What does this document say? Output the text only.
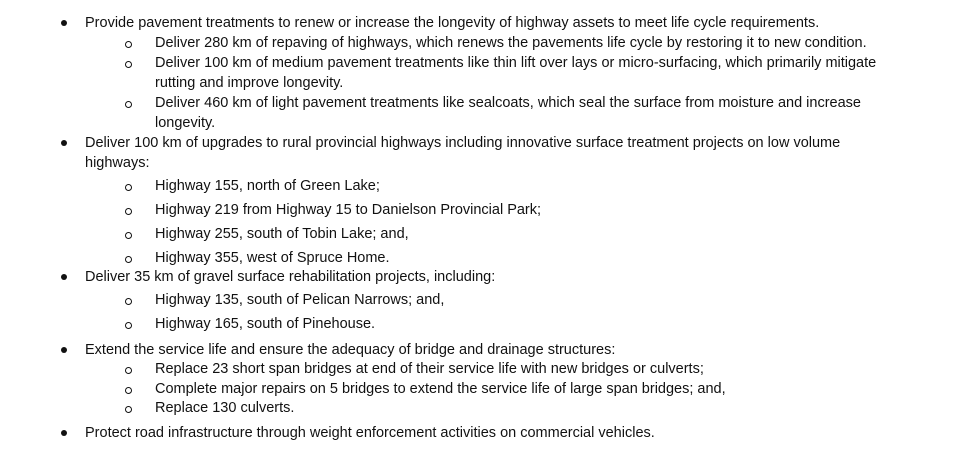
Provide pavement treatments to renew or increase the longevity of highway assets to meet life cycle requirements.
Deliver 280 km of repaving of highways, which renews the pavements life cycle by restoring it to new condition.
Deliver 100 km of medium pavement treatments like thin lift over lays or micro-surfacing, which primarily mitigate
rutting and improve longevity.
Deliver 460 km of light pavement treatments like sealcoats, which seal the surface from moisture and increase
longevity.
Deliver 100 km of upgrades to rural provincial highways including innovative surface treatment projects on low volume
highways:
Highway 155, north of Green Lake;
Highway 219 from Highway 15 to Danielson Provincial Park;
Highway 255, south of Tobin Lake; and,
Highway 355, west of Spruce Home.
Deliver 35 km of gravel surface rehabilitation projects, including:
Highway 135, south of Pelican Narrows; and,
Highway 165, south of Pinehouse.
Extend the service life and ensure the adequacy of bridge and drainage structures:
Replace 23 short span bridges at end of their service life with new bridges or culverts;
Complete major repairs on 5 bridges to extend the service life of large span bridges; and,
Replace 130 culverts.
Protect road infrastructure through weight enforcement activities on commercial vehicles.
